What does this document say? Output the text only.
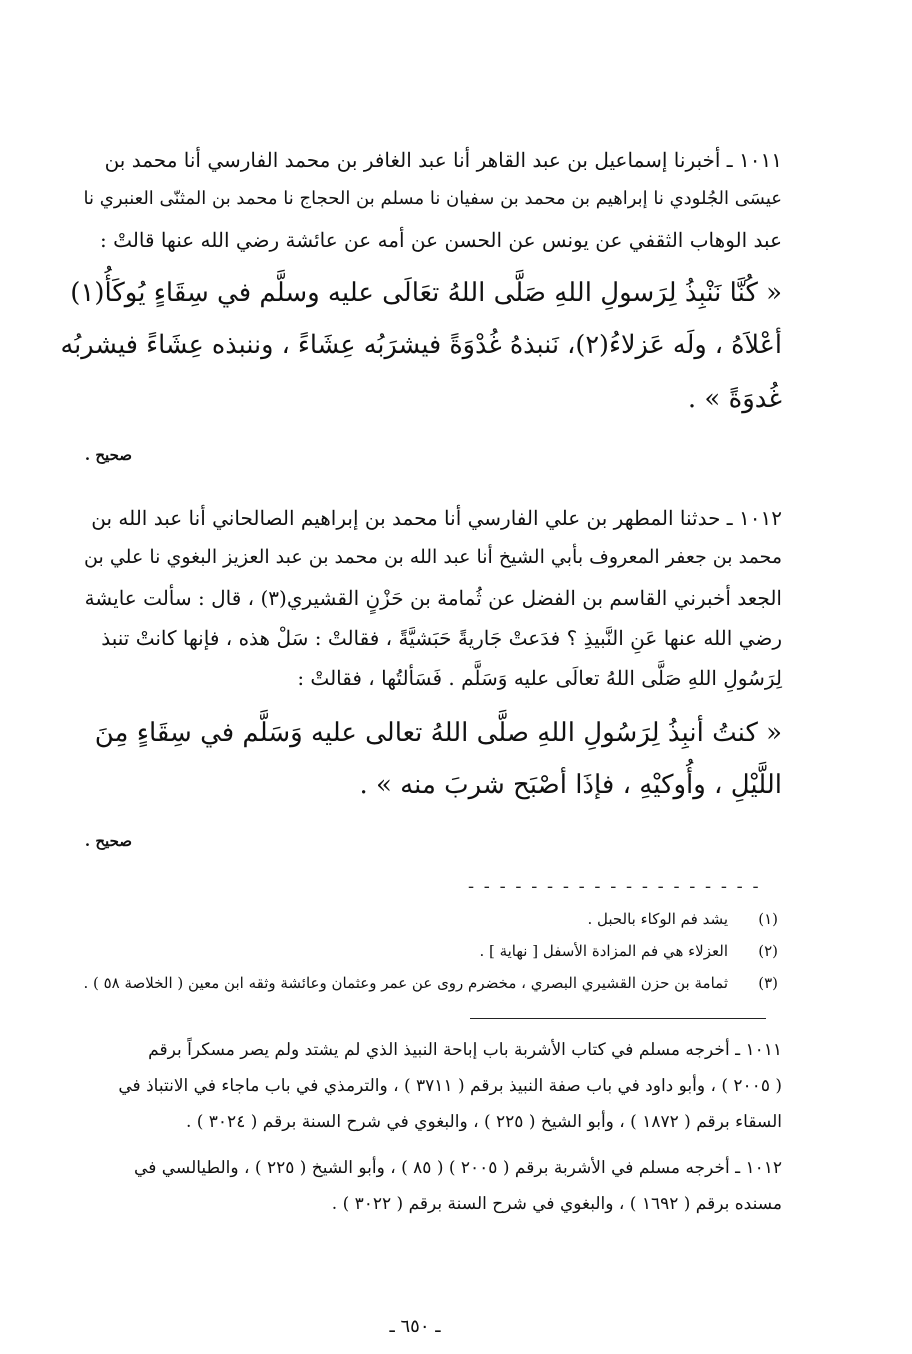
١٠١١ ـ أخبرنا إسماعيل بن عبد القاهر أنا عبد الغافر بن محمد الفارسي أنا محمد بن
عيسَى الجُلودي نا إبراهيم بن محمد بن سفيان نا مسلم بن الحجاج نا محمد بن المثنّى العنبري نا
عبد الوهاب الثقفي عن يونس عن الحسن عن أمه عن عائشة رضي الله عنها قالتْ :
« كُنَّا نَنْبِذُ لِرَسولِ اللهِ صَلَّى اللهُ تعَالَى عليه وسلَّم في سِقَاءٍ يُوكَأُ(١)
أعْلاَهُ ، ولَه عَزلاءُ(٢)، نَنبذهُ غُدْوَةً فيشرَبُه عِشَاءً ، وننبذه عِشَاءً فيشربُه
غُدوَةً » .
صحيح .
١٠١٢ ـ حدثنا المطهر بن علي الفارسي أنا محمد بن إبراهيم الصالحاني أنا عبد الله بن
محمد بن جعفر المعروف بأبي الشيخ أنا عبد الله بن محمد بن عبد العزيز البغوي نا علي بن
الجعد أخبرني القاسم بن الفضل عن ثُمامة بن حَزْنٍ القشيري(٣) ، قال : سألت عايشة
رضي الله عنها عَنِ النَّبيذِ ؟ فدَعتْ جَاريةً حَبَشيَّةً ، فقالتْ : سَلْ هذه ، فإنها كانتْ تنبذ
لِرَسُولِ اللهِ صَلَّى اللهُ تعالَى عليه وَسَلَّم . فَسَألتُها ، فقالتْ :
« كنتُ أنبِذُ لِرَسُولِ اللهِ صلَّى اللهُ تعالى عليه وَسَلَّم في سِقَاءٍ مِنَ
اللَّيْلِ ، وأُوكيْهِ ، فإذَا أصْبَح شربَ منه » .
صحيح .
- - - - - - - - - - - - - - - - - - -
(١)
يشد فم الوكاء بالحبل .
(٢)
العزلاء هي فم المزادة الأسفل [ نهاية ] .
(٣)
ثمامة بن حزن القشيري البصري ، مخضرم روى عن عمر وعثمان وعائشة وثقه ابن معين ( الخلاصة ٥٨ ) .
١٠١١ ـ أخرجه مسلم في كتاب الأشربة باب إباحة النبيذ الذي لم يشتد ولم يصر مسكراً برقم
( ٢٠٠٥ ) ، وأبو داود في باب صفة النبيذ برقم ( ٣٧١١ ) ، والترمذي في باب ماجاء في الانتباذ في
السقاء برقم ( ١٨٧٢ ) ، وأبو الشيخ ( ٢٢٥ ) ، والبغوي في شرح السنة برقم ( ٣٠٢٤ ) .
١٠١٢ ـ أخرجه مسلم في الأشربة برقم ( ٢٠٠٥ ) ( ٨٥ ) ، وأبو الشيخ ( ٢٢٥ ) ، والطيالسي في
مسنده برقم ( ١٦٩٢ ) ، والبغوي في شرح السنة برقم ( ٣٠٢٢ ) .
ـ ٦٥٠ ـ
